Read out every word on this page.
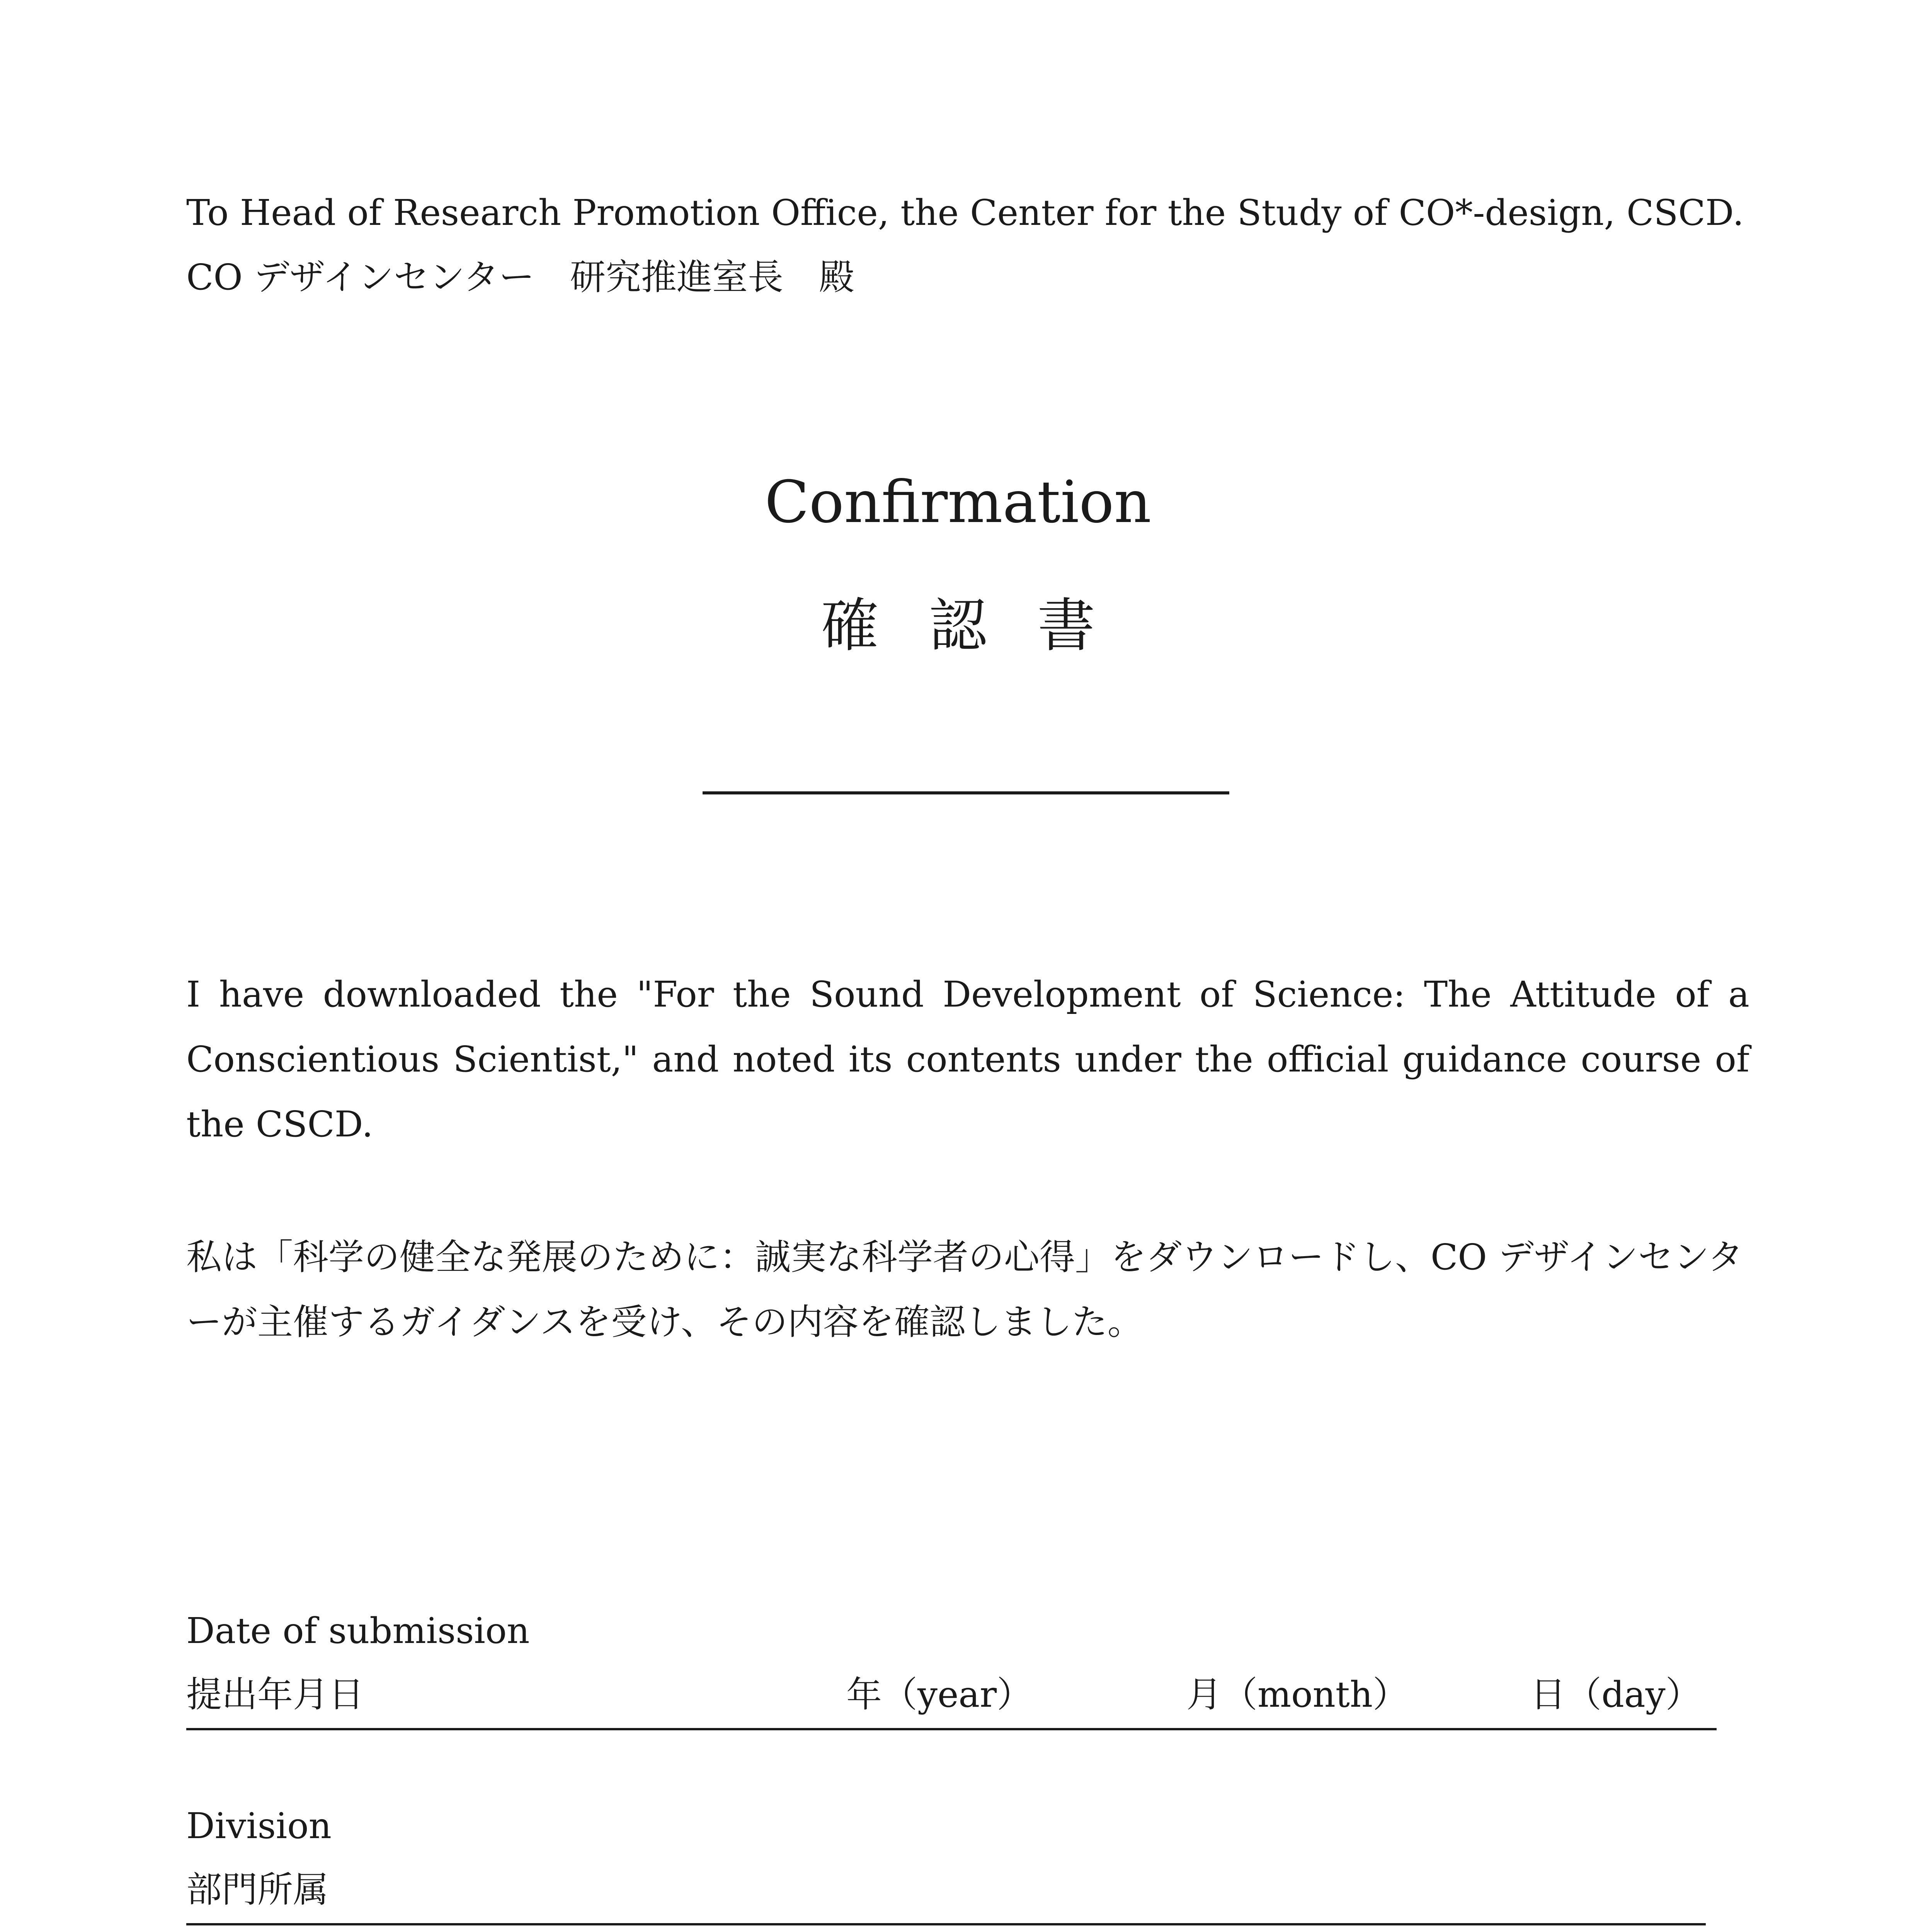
To Head of Research Promotion Office, the Center for the Study of CO*-design, CSCD.
CO デザインセンター　研究推進室長　殿
Confirmation
確認書
I have downloaded the "For the Sound Development of Science: The Attitude of a Conscientious Scientist," and noted its contents under the official guidance course of the CSCD.
私は「科学の健全な発展のために：誠実な科学者の心得」をダウンロードし、CO デザインセンターが主催するガイダンスを受け、その内容を確認しました。
Date of submission
提出年月日	年（year）	月（month）	日（day）
Division
部門所属
